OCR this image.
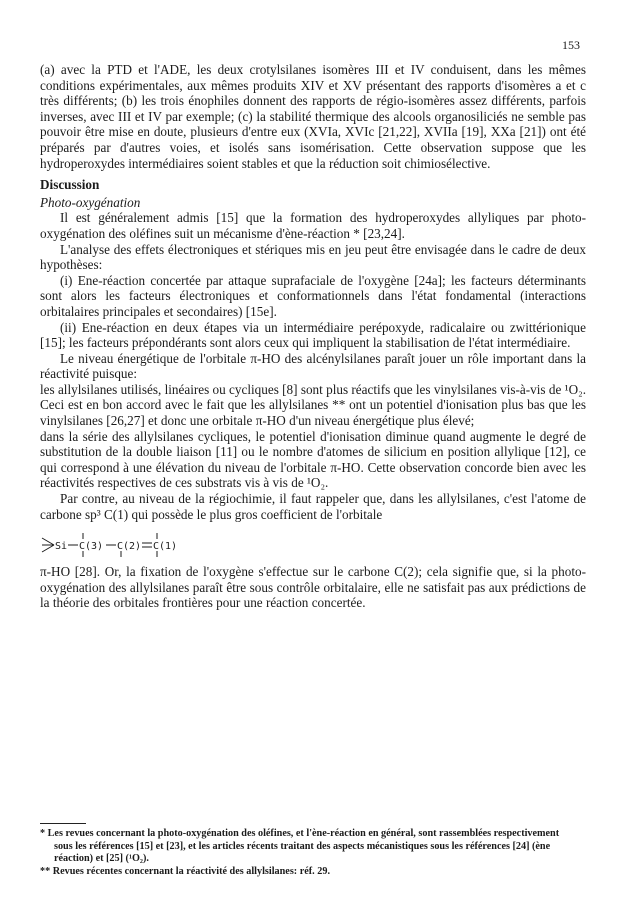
153

(a) avec la PTD et l'ADE, les deux crotylsilanes isomères III et IV conduisent, dans les mêmes conditions expérimentales, aux mêmes produits XIV et XV présentant des rapports d'isomères a et c très différents; (b) les trois énophiles donnent des rapports de régio-isomères assez différents, parfois inverses, avec III et IV par exemple; (c) la stabilité thermique des alcools organosiliciés ne semble pas pouvoir être mise en doute, plusieurs d'entre eux (XVIa, XVIc [21,22], XVIIa [19], XXa [21]) ont été préparés par d'autres voies, et isolés sans isomérisation. Cette observation suppose que les hydroperoxydes intermédiaires soient stables et que la réduction soit chimiosélective.

Discussion

Photo-oxygénation

Il est généralement admis [15] que la formation des hydroperoxydes allyliques par photo-oxygénation des oléfines suit un mécanisme d'ène-réaction * [23,24].

L'analyse des effets électroniques et stériques mis en jeu peut être envisagée dans le cadre de deux hypothèses:

(i) Ene-réaction concertée par attaque suprafaciale de l'oxygène [24a]; les facteurs déterminants sont alors les facteurs électroniques et conformationnels dans l'état fondamental (interactions orbitalaires principales et secondaires) [15e].

(ii) Ene-réaction en deux étapes via un intermédiaire perépoxyde, radicalaire ou zwittérionique [15]; les facteurs prépondérants sont alors ceux qui impliquent la stabilisation de l'état intermédiaire.

Le niveau énergétique de l'orbitale π-HO des alcénylsilanes paraît jouer un rôle important dans la réactivité puisque:

les allylsilanes utilisés, linéaires ou cycliques [8] sont plus réactifs que les vinylsilanes vis-à-vis de ¹O₂. Ceci est en bon accord avec le fait que les allylsilanes ** ont un potentiel d'ionisation plus bas que les vinylsilanes [26,27] et donc une orbitale π-HO d'un niveau énergétique plus élevé;

dans la série des allylsilanes cycliques, le potentiel d'ionisation diminue quand augmente le degré de substitution de la double liaison [11] ou le nombre d'atomes de silicium en position allylique [12], ce qui correspond à une élévation du niveau de l'orbitale π-HO. Cette observation concorde bien avec les réactivités respectives de ces substrats vis à vis de ¹O₂.

Par contre, au niveau de la régiochimie, il faut rappeler que, dans les allylsilanes, c'est l'atome de carbone sp³ C(1) qui possède le plus gros coefficient de l'orbitale

Si C(3) C(2) C(1)

π-HO [28]. Or, la fixation de l'oxygène s'effectue sur le carbone C(2); cela signifie que, si la photo-oxygénation des allylsilanes paraît être sous contrôle orbitalaire, elle ne satisfait pas aux prédictions de la théorie des orbitales frontières pour une réaction concertée.

* Les revues concernant la photo-oxygénation des oléfines, et l'ène-réaction en général, sont rassemblées respectivement sous les références [15] et [23], et les articles récents traitant des aspects mécanistiques sous les références [24] (ène réaction) et [25] (¹O₂).

** Revues récentes concernant la réactivité des allylsilanes: réf. 29.
